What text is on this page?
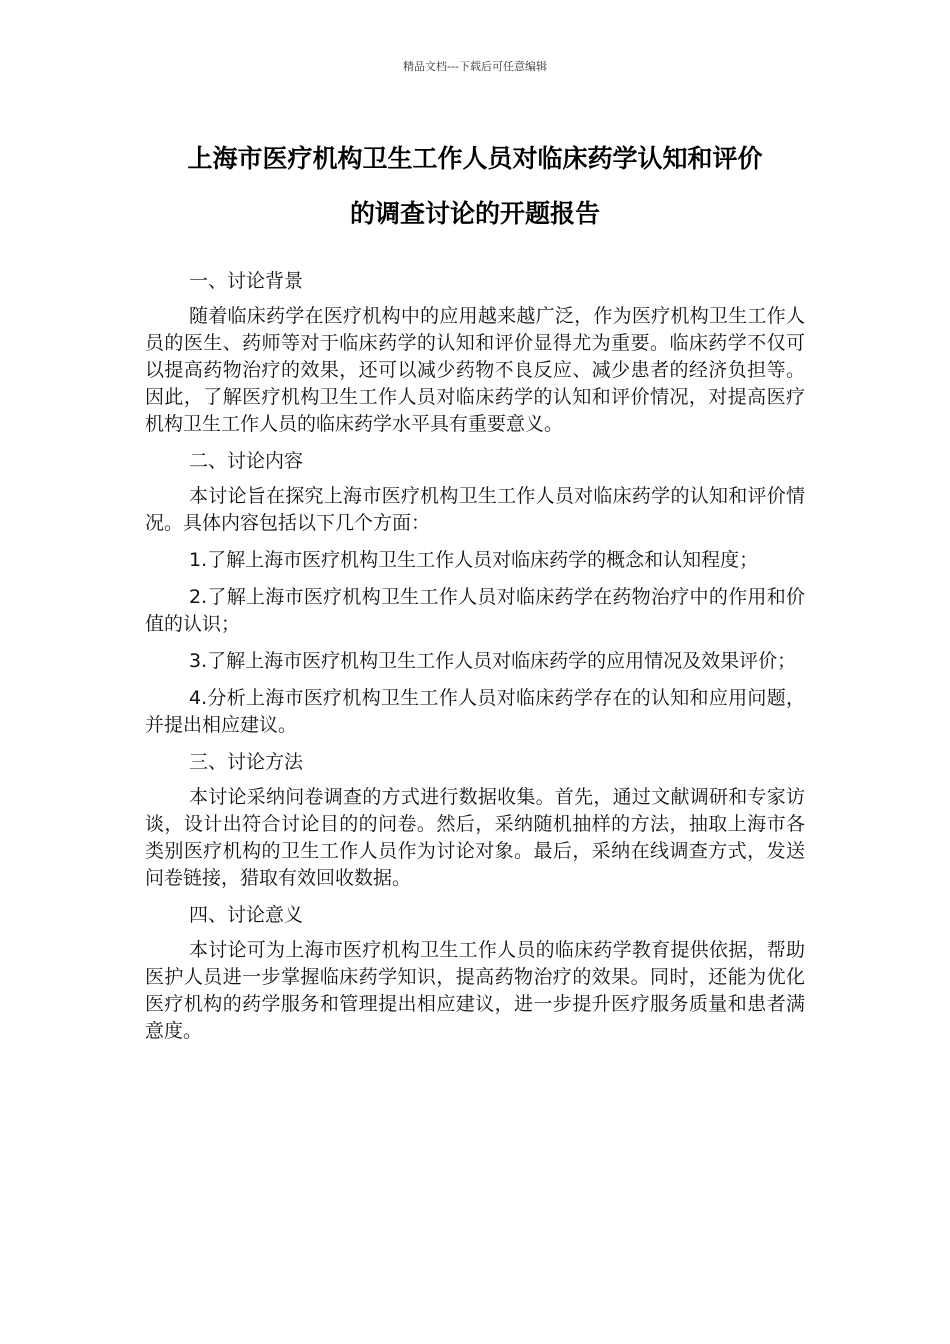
精品文档---下载后可任意编辑
上海市医疗机构卫生工作人员对临床药学认知和评价
的调查讨论的开题报告

一、讨论背景

随着临床药学在医疗机构中的应用越来越广泛，作为医疗机构卫生工作人员的医生、药师等对于临床药学的认知和评价显得尤为重要。临床药学不仅可以提高药物治疗的效果，还可以减少药物不良反应、减少患者的经济负担等。因此，了解医疗机构卫生工作人员对临床药学的认知和评价情况，对提高医疗机构卫生工作人员的临床药学水平具有重要意义。

二、讨论内容

本讨论旨在探究上海市医疗机构卫生工作人员对临床药学的认知和评价情况。具体内容包括以下几个方面：

1.了解上海市医疗机构卫生工作人员对临床药学的概念和认知程度；

2.了解上海市医疗机构卫生工作人员对临床药学在药物治疗中的作用和价值的认识；

3.了解上海市医疗机构卫生工作人员对临床药学的应用情况及效果评价；

4.分析上海市医疗机构卫生工作人员对临床药学存在的认知和应用问题，并提出相应建议。

三、讨论方法

本讨论采纳问卷调查的方式进行数据收集。首先，通过文献调研和专家访谈，设计出符合讨论目的的问卷。然后，采纳随机抽样的方法，抽取上海市各类别医疗机构的卫生工作人员作为讨论对象。最后，采纳在线调查方式，发送问卷链接，猎取有效回收数据。

四、讨论意义

本讨论可为上海市医疗机构卫生工作人员的临床药学教育提供依据，帮助医护人员进一步掌握临床药学知识，提高药物治疗的效果。同时，还能为优化医疗机构的药学服务和管理提出相应建议，进一步提升医疗服务质量和患者满意度。
